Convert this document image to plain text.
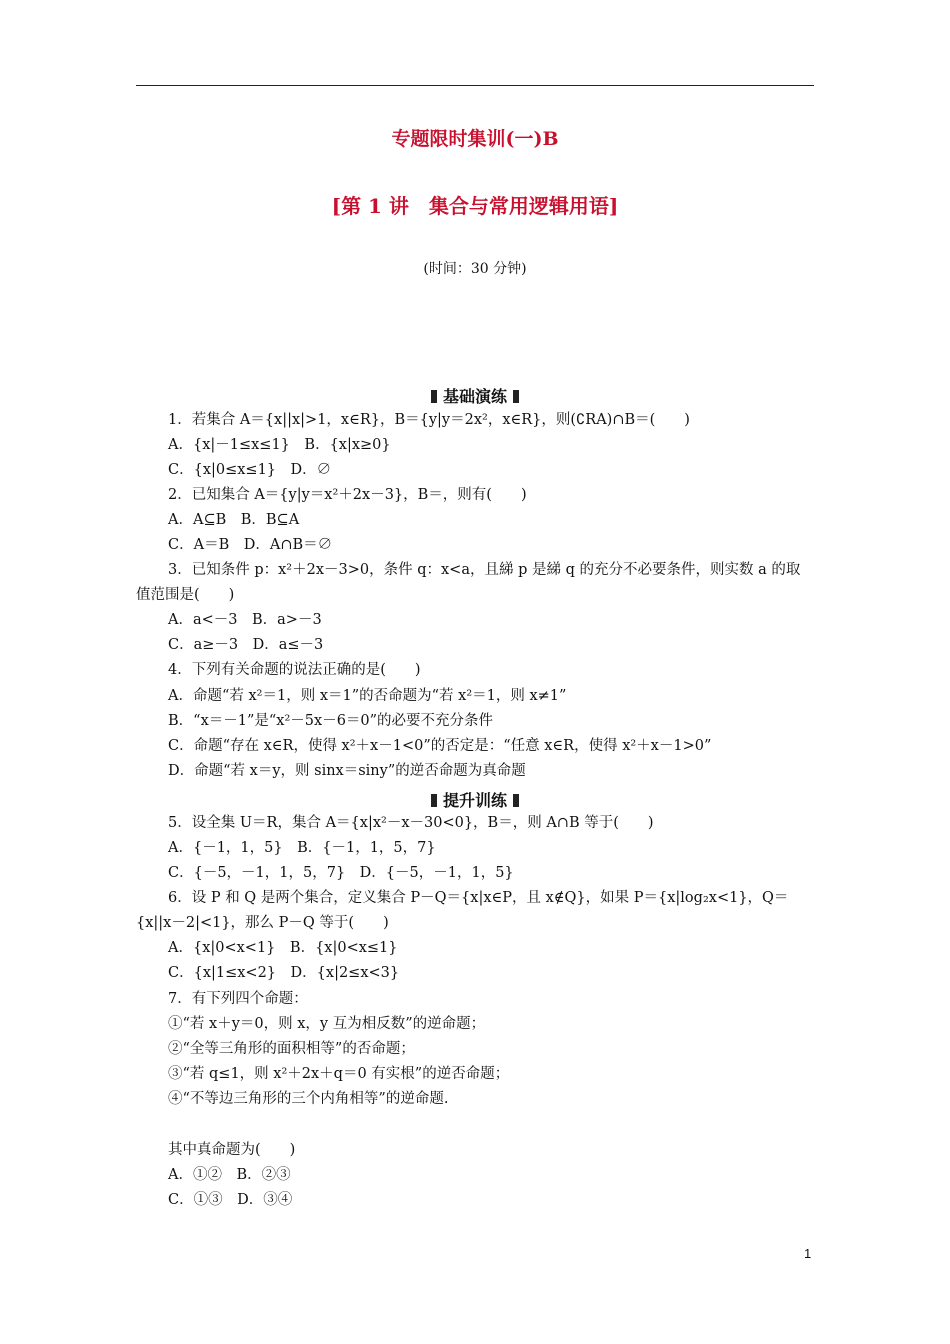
专题限时集训(一)B
[第 1 讲　集合与常用逻辑用语]
(时间：30 分钟)
基础演练
1．若集合 A＝{x||x|>1，x∈R}，B＝{y|y＝2x²，x∈R}，则(∁RA)∩B＝(　　)
A．{x|－1≤x≤1}　B．{x|x≥0}
C．{x|0≤x≤1}　D．∅
2．已知集合 A＝{y|y＝x²＋2x－3}，B＝，则有(　　)
A．A⊆B　B．B⊆A
C．A＝B　D．A∩B＝∅
3．已知条件 p：x²＋2x－3>0，条件 q：x<a，且綈 p 是綈 q 的充分不必要条件，则实数 a 的取
值范围是(　　)
A．a<－3　B．a>－3
C．a≥－3　D．a≤－3
4．下列有关命题的说法正确的是(　　)
A．命题“若 x²＝1，则 x＝1”的否命题为“若 x²＝1，则 x≠1”
B．“x＝－1”是“x²－5x－6＝0”的必要不充分条件
C．命题“存在 x∈R，使得 x²＋x－1<0”的否定是：“任意 x∈R，使得 x²＋x－1>0”
D．命题“若 x＝y，则 sinx＝siny”的逆否命题为真命题
提升训练
5．设全集 U＝R，集合 A＝{x|x²－x－30<0}，B＝，则 A∩B 等于(　　)
A．{－1，1，5}　B．{－1，1，5，7}
C．{－5，－1，1，5，7}　D．{－5，－1，1，5}
6．设 P 和 Q 是两个集合，定义集合 P－Q＝{x|x∈P，且 x∉Q}，如果 P＝{x|log₂x<1}，Q＝
{x||x－2|<1}，那么 P－Q 等于(　　)
A．{x|0<x<1}　B．{x|0<x≤1}
C．{x|1≤x<2}　D．{x|2≤x<3}
7．有下列四个命题：
①“若 x＋y＝0，则 x，y 互为相反数”的逆命题；
②“全等三角形的面积相等”的否命题；
③“若 q≤1，则 x²＋2x＋q＝0 有实根”的逆否命题；
④“不等边三角形的三个内角相等”的逆命题.
其中真命题为(　　)
A．①②　B．②③
C．①③　D．③④
1
